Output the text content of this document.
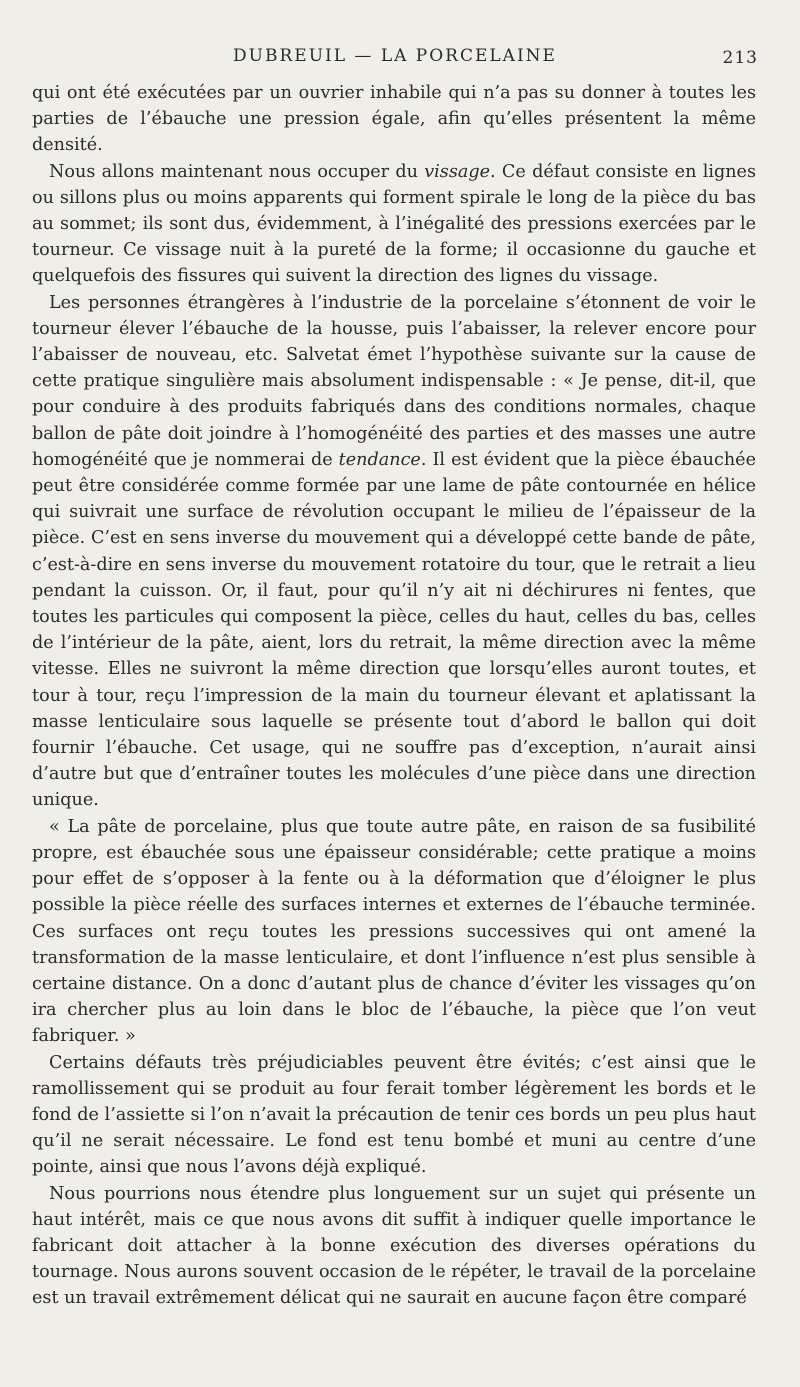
DUBREUIL — LA PORCELAINE	213

qui ont été exécutées par un ouvrier inhabile qui n’a pas su donner à toutes les parties de l’ébauche une pression égale, afin qu’elles présentent la même densité.

Nous allons maintenant nous occuper du vissage. Ce défaut consiste en lignes ou sillons plus ou moins apparents qui forment spirale le long de la pièce du bas au sommet; ils sont dus, évidemment, à l’inégalité des pressions exercées par le tourneur. Ce vissage nuit à la pureté de la forme; il occasionne du gauche et quelquefois des fissures qui suivent la direction des lignes du vissage.

Les personnes étrangères à l’industrie de la porcelaine s’étonnent de voir le tourneur élever l’ébauche de la housse, puis l’abaisser, la relever encore pour l’abaisser de nouveau, etc. Salvetat émet l’hypothèse suivante sur la cause de cette pratique singulière mais absolument indispensable : « Je pense, dit-il, que pour conduire à des produits fabriqués dans des conditions normales, chaque ballon de pâte doit joindre à l’homogénéité des parties et des masses une autre homogénéité que je nommerai de tendance. Il est évident que la pièce ébauchée peut être considérée comme formée par une lame de pâte contournée en hélice qui suivrait une surface de révolution occupant le milieu de l’épaisseur de la pièce. C’est en sens inverse du mouvement qui a développé cette bande de pâte, c’est-à-dire en sens inverse du mouvement rotatoire du tour, que le retrait a lieu pendant la cuisson. Or, il faut, pour qu’il n’y ait ni déchirures ni fentes, que toutes les particules qui composent la pièce, celles du haut, celles du bas, celles de l’intérieur de la pâte, aient, lors du retrait, la même direction avec la même vitesse. Elles ne suivront la même direction que lorsqu’elles auront toutes, et tour à tour, reçu l’impression de la main du tourneur élevant et aplatissant la masse lenticulaire sous laquelle se présente tout d’abord le ballon qui doit fournir l’ébauche. Cet usage, qui ne souffre pas d’exception, n’aurait ainsi d’autre but que d’entraîner toutes les molécules d’une pièce dans une direction unique.

« La pâte de porcelaine, plus que toute autre pâte, en raison de sa fusibilité propre, est ébauchée sous une épaisseur considérable; cette pratique a moins pour effet de s’opposer à la fente ou à la déformation que d’éloigner le plus possible la pièce réelle des surfaces internes et externes de l’ébauche terminée. Ces surfaces ont reçu toutes les pressions successives qui ont amené la transformation de la masse lenticulaire, et dont l’influence n’est plus sensible à certaine distance. On a donc d’autant plus de chance d’éviter les vissages qu’on ira chercher plus au loin dans le bloc de l’ébauche, la pièce que l’on veut fabriquer. »

Certains défauts très préjudiciables peuvent être évités; c’est ainsi que le ramollissement qui se produit au four ferait tomber légèrement les bords et le fond de l’assiette si l’on n’avait la précaution de tenir ces bords un peu plus haut qu’il ne serait nécessaire. Le fond est tenu bombé et muni au centre d’une pointe, ainsi que nous l’avons déjà expliqué.

Nous pourrions nous étendre plus longuement sur un sujet qui présente un haut intérêt, mais ce que nous avons dit suffit à indiquer quelle importance le fabricant doit attacher à la bonne exécution des diverses opérations du tournage. Nous aurons souvent occasion de le répéter, le travail de la porcelaine est un travail extrêmement délicat qui ne saurait en aucune façon être comparé
